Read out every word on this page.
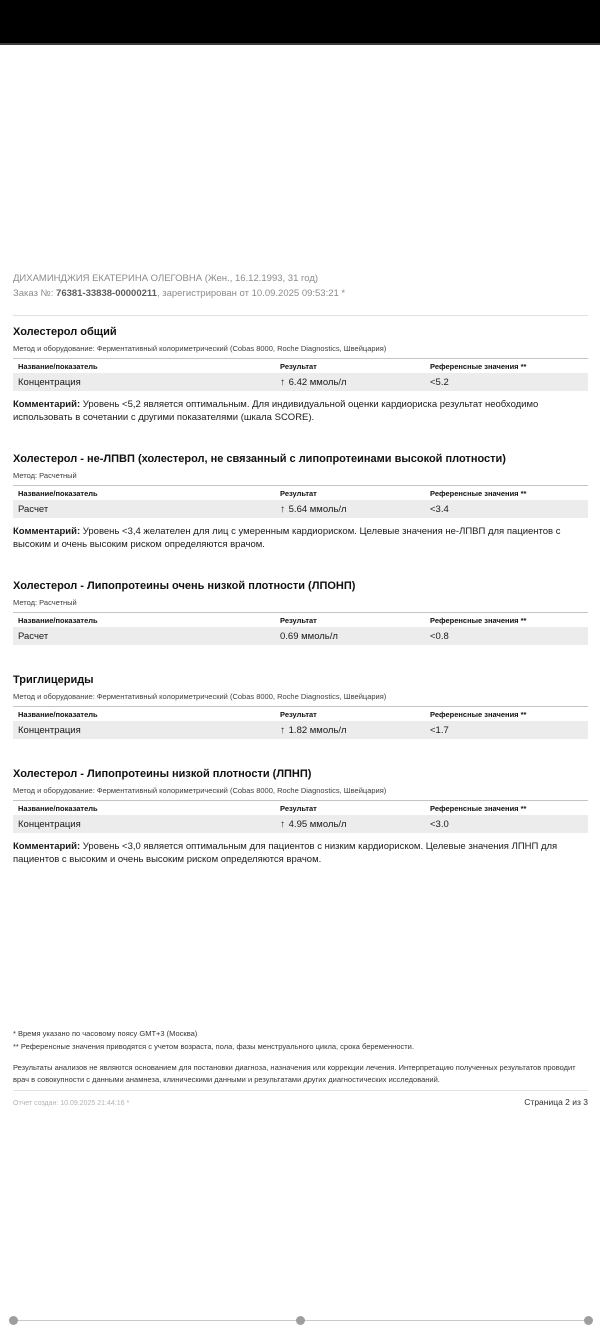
ДИХАМИНДЖИЯ ЕКАТЕРИНА ОЛЕГОВНА (Жен., 16.12.1993, 31 год)
Заказ №: 76381-33838-00000211, зарегистрирован от 10.09.2025 09:53:21 *
Холестерол общий
Метод и оборудование: Ферментативный колориметрический (Cobas 8000, Roche Diagnostics, Швейцария)
Название/показатель	Результат	Референсные значения **
Концентрация	↑ 6.42 ммоль/л	<5.2
Комментарий: Уровень <5,2 является оптимальным. Для индивидуальной оценки кардиориска результат необходимо использовать в сочетании с другими показателями (шкала SCORE).
Холестерол - не-ЛПВП (холестерол, не связанный с липопротеинами высокой плотности)
Метод: Расчетный
Название/показатель	Результат	Референсные значения **
Расчет	↑ 5.64 ммоль/л	<3.4
Комментарий: Уровень <3,4 желателен для лиц с умеренным кардиориском. Целевые значения не-ЛПВП для пациентов с высоким и очень высоким риском определяются врачом.
Холестерол - Липопротеины очень низкой плотности (ЛПОНП)
Метод: Расчетный
Название/показатель	Результат	Референсные значения **
Расчет	0.69 ммоль/л	<0.8
Триглицериды
Метод и оборудование: Ферментативный колориметрический (Cobas 8000, Roche Diagnostics, Швейцария)
Название/показатель	Результат	Референсные значения **
Концентрация	↑ 1.82 ммоль/л	<1.7
Холестерол - Липопротеины низкой плотности (ЛПНП)
Метод и оборудование: Ферментативный колориметрический (Cobas 8000, Roche Diagnostics, Швейцария)
Название/показатель	Результат	Референсные значения **
Концентрация	↑ 4.95 ммоль/л	<3.0
Комментарий: Уровень <3,0 является оптимальным для пациентов с низким кардиориском. Целевые значения ЛПНП для пациентов с высоким и очень высоким риском определяются врачом.
* Время указано по часовому поясу GMT+3 (Москва)
** Референсные значения приводятся с учетом возраста, пола, фазы менструального цикла, срока беременности.
Результаты анализов не являются основанием для постановки диагноза, назначения или коррекции лечения. Интерпретацию полученных результатов проводит врач в совокупности с данными анамнеза, клиническими данными и результатами других диагностических исследований.
Отчет создан: 10.09.2025 21:44:16 *	Страница 2 из 3
